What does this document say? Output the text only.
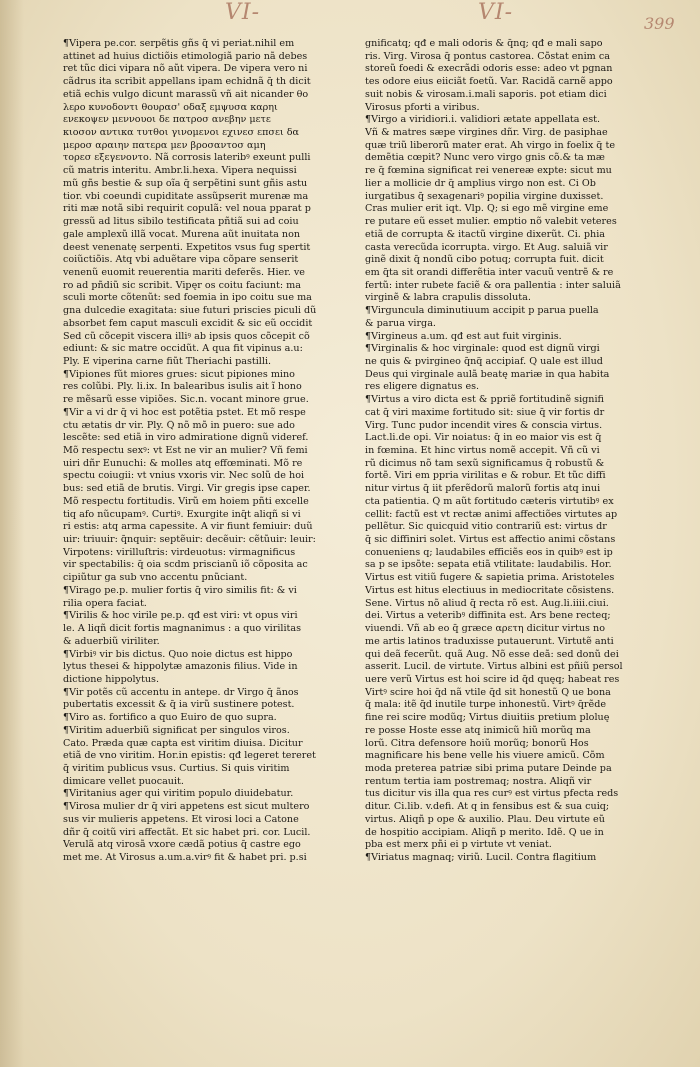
VI-	VI-	399
¶Vipera pe.cor. serpẽtis gñs q̄ vi periat.nihil em
attinet ad huius dictiõis etimologiã pario nã debes
ret tũc dici vipara nõ aũt vipera. De vipera vero ni
cãdrus ita scribit appellans ipam echidnã q̄ th dicit
etiã echis vulgo dicunt marassũ vñ ait nicander θο
λερο κυνοδοντι θουρασ' οδαξ εμψυσα καρηι
ενεκοψεν μεννουοι δε πατροσ ανεβην μετε
κιοσον αντικα τυτθοι γινομενοι εχινεσ επσει δα
μεροσ αραιην πατερα μεν βροσαντοσ αμη
τορεσ εξεγενοντο. Nã corrosis lateribꝰ exeunt pulli
cũ matris interitu. Ambr.li.hexa. Vipera nequissi
mũ gñs bestie & sup oĩa q̄ serpẽtini sunt gñis astu
tior. vbi coeundi cupiditate assũpserit murenæ ma
riti mæ notã sibi requirit copulã: vel noua pparat p
gressũ ad litus sibilo testificata pñtiã sui ad coiu
gale amplexũ illã vocat. Murena aũt inuitata non
deest venenatę serpenti. Expetitos vsus fug spertit
coiũctiõis. Atq vbi aduẽtare vipa cõpare senserit
venenũ euomit reuerentia mariti deferẽs. Hier. ve
ro ad pñdiũ sic scribit. Vipęr os coitu faciunt: ma
sculi morte cõtenũt: sed foemia in ipo coitu sue ma
gna dulcedie exagitata: siue futuri priscies piculi dũ
absorbet fem caput masculi excidit & sic eũ occidit
Sed cũ cõcepit viscera illiꝰ ab ipsis quos cõcepit cõ
ediunt: & sic matre occidũt. A qua fit vipinus a.u:
Ply. E viperina carne fiũt Theriachi pastilli.
¶Vipiones fũt miores grues: sicut pipiones mino
res colũbi. Ply. li.ix. In balearibus isulis ait ĩ hono
re mẽsarũ esse vipiões. Sic.n. vocant minore grue.
¶Vir a vi dr q̄ vi hoc est potẽtia pstet. Et mõ respe
ctu ætatis dr vir. Ply. Q̄ nõ mõ in puero: sue ado
lescẽte: sed etiã in viro admiratione dignũ videref.
Mõ respectu sexꝰ: vt Est ne vir an mulier? Vñ femi
uiri dñr Eunuchi: & molles atq effœminati. Mõ re
spectu coiugii: vt vnius vxoris vir. Nec solũ de hoi
bus: sed etiã de brutis. Virgi. Vir gregis ipse caper.
Mõ respectu fortitudis. Virũ em hoiem pñti excelle
tiq afo nũcupamꝰ. Curtiꝰ. Exurgite inq̄t aliqñ si vi
ri estis: atq arma capessite. A vir fiunt femiuir: duũ
uir: triuuir: q̄nquir: septẽuir: decẽuir: cẽtũuir: leuir:
Virpotens: virilluſtris: virdeuotus: virmagnificus
vir spectabilis: q̄ oia scdm priscianũ iõ cõposita ac
cipiũtur ga sub vno accentu pnũciant.
¶Virago pe.p. mulier fortis q̄ viro similis fit: & vi
rilia opera faciat.
¶Virilis & hoc virile pe.p. qđ est viri: vt opus viri
le. A liqñ dicit fortis magnanimus : a quo virilitas
& aduerbiũ viriliter.
¶Virbiꝰ vir bis dictus. Quo noie dictus est hippo
lytus thesei & hippolytæ amazonis filius. Vide in
dictione hippolytus.
¶Vir potẽs cũ accentu in antepe. dr Virgo q̄ ãnos
pubertatis excessit & q̄ ia virũ sustinere potest.
¶Viro as. fortifico a quo Euiro de quo supra.
¶Viritim aduerbiũ significat per singulos viros.
Cato. Præda quæ capta est viritim diuisa. Dicitur
etiã de vno viritim. Hor.in epistis: qđ legeret tereret
q̄ viritim publicus vsus. Curtius. Si quis viritim
dimicare vellet puocauit.
¶Viritanius ager qui viritim populo diuidebatur.
¶Virosa mulier dr q̄ viri appetens est sicut multero
sus vir mulieris appetens. Et virosi loci a Catone
dñr q̄ coitũ viri affectãt. Et sic habet pri. cor. Lucil.
Verulã atq virosã vxore cædã potius q̄ castre ego
met me. At Virosus a.um.a.virꝰ fit & habet pri. p.si
gnificatq; qđ e mali odoris & q̄nq; qđ e mali sapo
ris. Virg. Virosa q̄ pontus castorea. Cõstat enim ca
storeũ foedi & execrãdi odoris esse: adeo vt pgnan
tes odore eius eiiciãt foetũ. Var. Racidã carnẽ appo
suit nobis & virosam.i.mali saporis. pot etiam dici
Virosus pforti a viribus.
¶Virgo a viridiori.i. validiori ætate appellata est.
Vñ & matres sæpe virgines dñr. Virg. de pasiphae
quæ triũ liberorũ mater erat. Ah virgo in foelix q̃ te
demẽtia cœpit? Nunc vero virgo gnis cõ.& ta mæ
re q̄ fœmina significat rei venereæ expte: sicut mu
lier a mollicie dr q̄ amplius virgo non est. Ci Ob
iurgatibus q̄ sexagenariꝰ popilia virgine duxisset.
Cras mulier erit iqt. Vlp. Q; si ego mẽ virgine eme
re putare eũ esset mulier. emptio nõ valebit veteres
etiã de corrupta & itactũ virgine dixerũt. Ci. phia
casta verecũda icorrupta. virgo. Et Aug. saluiã vir
ginẽ dixit q̄ nondũ cibo potuq; corrupta fuit. dicit
em q̃ta sit orandi differẽtia inter vacuũ ventrẽ & re
fertũ: inter rubete faciẽ & ora pallentia : inter saluiã
virginẽ & labra crapulis dissoluta.
¶Virguncula diminutiuum accipit p parua puella
& parua virga.
¶Virgineus a.um. qđ est aut fuit virginis.
¶Virginalis & hoc virginale: quod est dignũ virgi
ne quis & pvirgineo q̄nq̃ accipiaf. Q uale est illud
Deus qui virginale aulã beatę mariæ in qua habita
res eligere dignatus es.
¶Virtus a viro dicta est & ppriẽ fortitudinẽ signifi
cat q̄ viri maxime fortitudo sit: siue q̄ vir fortis dr
Virg. Tunc pudor incendit vires & conscia virtus.
Lact.li.de opi. Vir noiatus: q̄ in eo maior vis est q̄
in fœmina. Et hinc virtus nomẽ accepit. Vñ cũ vi
rũ dicimus nõ tam sexũ significamus q̄ robustũ &
fortẽ. Viri em ppria virilitas e & robur. Et tũc diffi
nitur virtus q̄ iit pferẽdorũ malorũ fortis atq inui
cta patientia. Q̄ m aũt fortitudo cæteris virtutibꝰ ex
cellit: factũ est vt rectæ animi affectiões virtutes ap
pellẽtur. Sic quicquid vitio contrariũ est: virtus dr
q̄ sic diffiniri solet. Virtus est affectio animi cõstans
conueniens q; laudabiles efficiẽs eos in quibꝰ est ip
sa p se ipsõte: sepata etiã vtilitate: laudabilis. Hor.
Virtus est vitiũ fugere & sapietia prima. Aristoteles
Virtus est hitus electiuus in mediocritate cõsistens.
Sene. Virtus nõ aliud q̄ recta rõ est. Aug.li.iiii.ciui.
dei. Virtus a veteribꝰ diffinita est. Ars bene recteq;
viuendi. Vñ ab eo q̄ græce αρετη dicitur virtus no
me artis latinos traduxisse putauerunt. Virtutẽ anti
qui deã fecerũt. quã Aug. Nõ esse deã: sed donũ dei
asserit. Lucil. de virtute. Virtus albini est pñiũ persol
uere verũ Virtus est hoi scire id q̄d quęq; habeat res
Virtꝰ scire hoi q̄d nã vtile q̄d sit honestũ Q ue bona
q̄ mala: itẽ q̄d inutile turpe inhonestũ. Virtꝰ q̄rẽde
fine rei scire modũq; Virtus diuitiis pretium ploluę
re posse Hoste esse atq inimicũ hiũ morũq ma
lorũ. Citra defensore hoiũ morũq; bonorũ Hos
magnificare his bene velle his viuere amicũ. Cõm
moda preterea patriæ sibi prima putare Deinde pa
rentum tertia iam postremaq; nostra. Aliqñ vir
tus dicitur vis illa qua res curꝰ est virtus pfecta reds
ditur. Ci.lib. v.defi. At q in fensibus est & sua cuiq;
virtus. Aliqñ p ope & auxilio. Plau. Deu virtute eũ
de hospitio accipiam. Aliqñ p merito. Idẽ. Q ue in
pba est merx pñi ei p virtute vt veniat.
¶Viriatus magnaq; viriũ. Lucil. Contra flagitium
